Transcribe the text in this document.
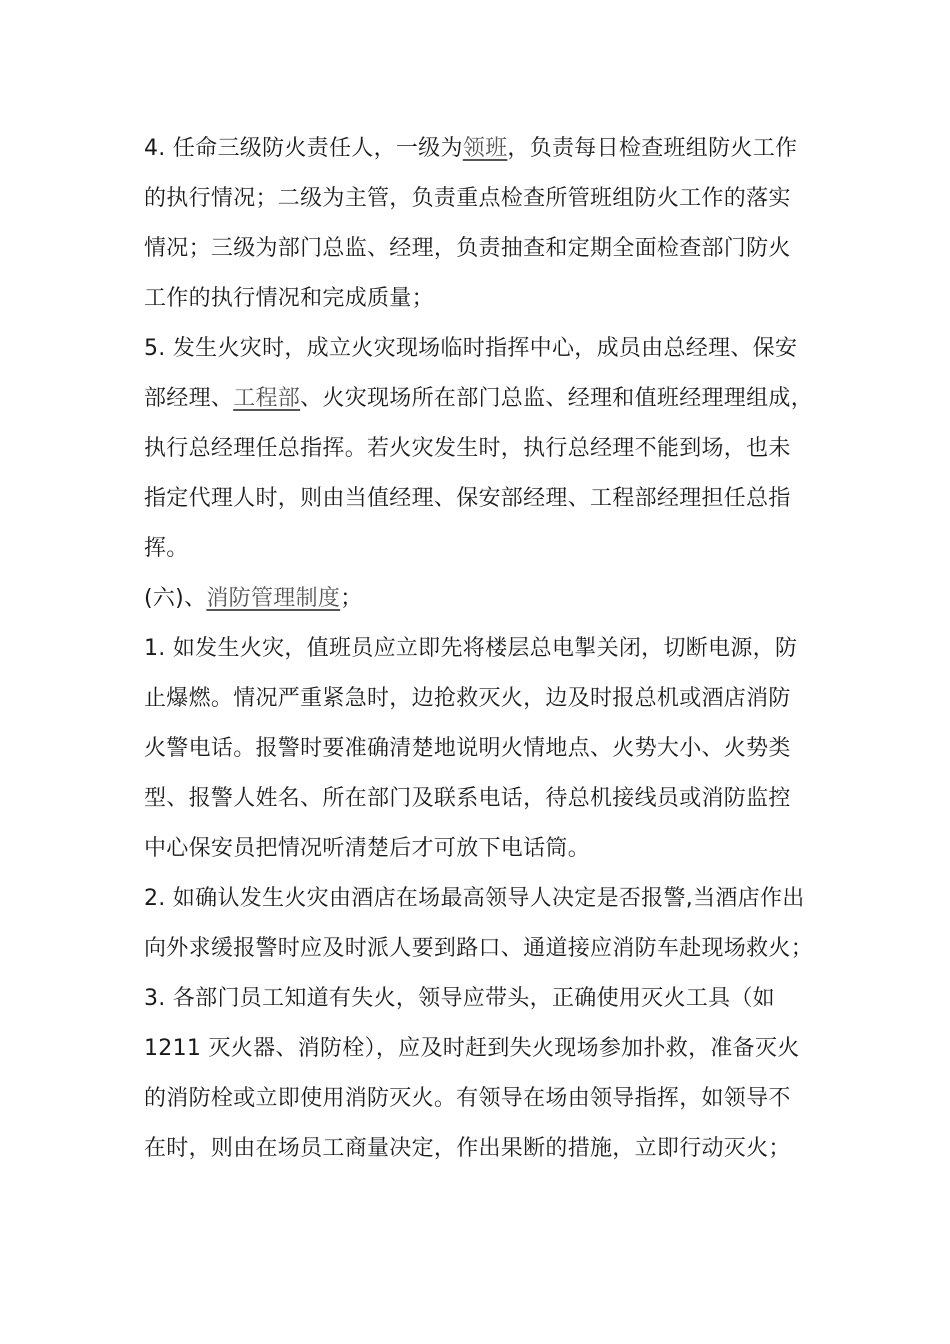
4. 任命三级防火责任人，一级为领班，负责每日检查班组防火工作
的执行情况；二级为主管，负责重点检查所管班组防火工作的落实
情况；三级为部门总监、经理，负责抽查和定期全面检查部门防火
工作的执行情况和完成质量；
5. 发生火灾时，成立火灾现场临时指挥中心，成员由总经理、保安
部经理、工程部、火灾现场所在部门总监、经理和值班经理理组成，
执行总经理任总指挥。若火灾发生时，执行总经理不能到场，也未
指定代理人时，则由当值经理、保安部经理、工程部经理担任总指
挥。
(六)、消防管理制度；
1. 如发生火灾，值班员应立即先将楼层总电掣关闭，切断电源，防
止爆燃。情况严重紧急时，边抢救灭火，边及时报总机或酒店消防
火警电话。报警时要准确清楚地说明火情地点、火势大小、火势类
型、报警人姓名、所在部门及联系电话，待总机接线员或消防监控
中心保安员把情况听清楚后才可放下电话筒。
2. 如确认发生火灾由酒店在场最高领导人决定是否报警,当酒店作出
向外求缓报警时应及时派人要到路口、通道接应消防车赴现场救火；
3. 各部门员工知道有失火，领导应带头，正确使用灭火工具（如
1211 灭火器、消防栓），应及时赶到失火现场参加扑救，准备灭火
的消防栓或立即使用消防灭火。有领导在场由领导指挥，如领导不
在时，则由在场员工商量决定，作出果断的措施，立即行动灭火；
